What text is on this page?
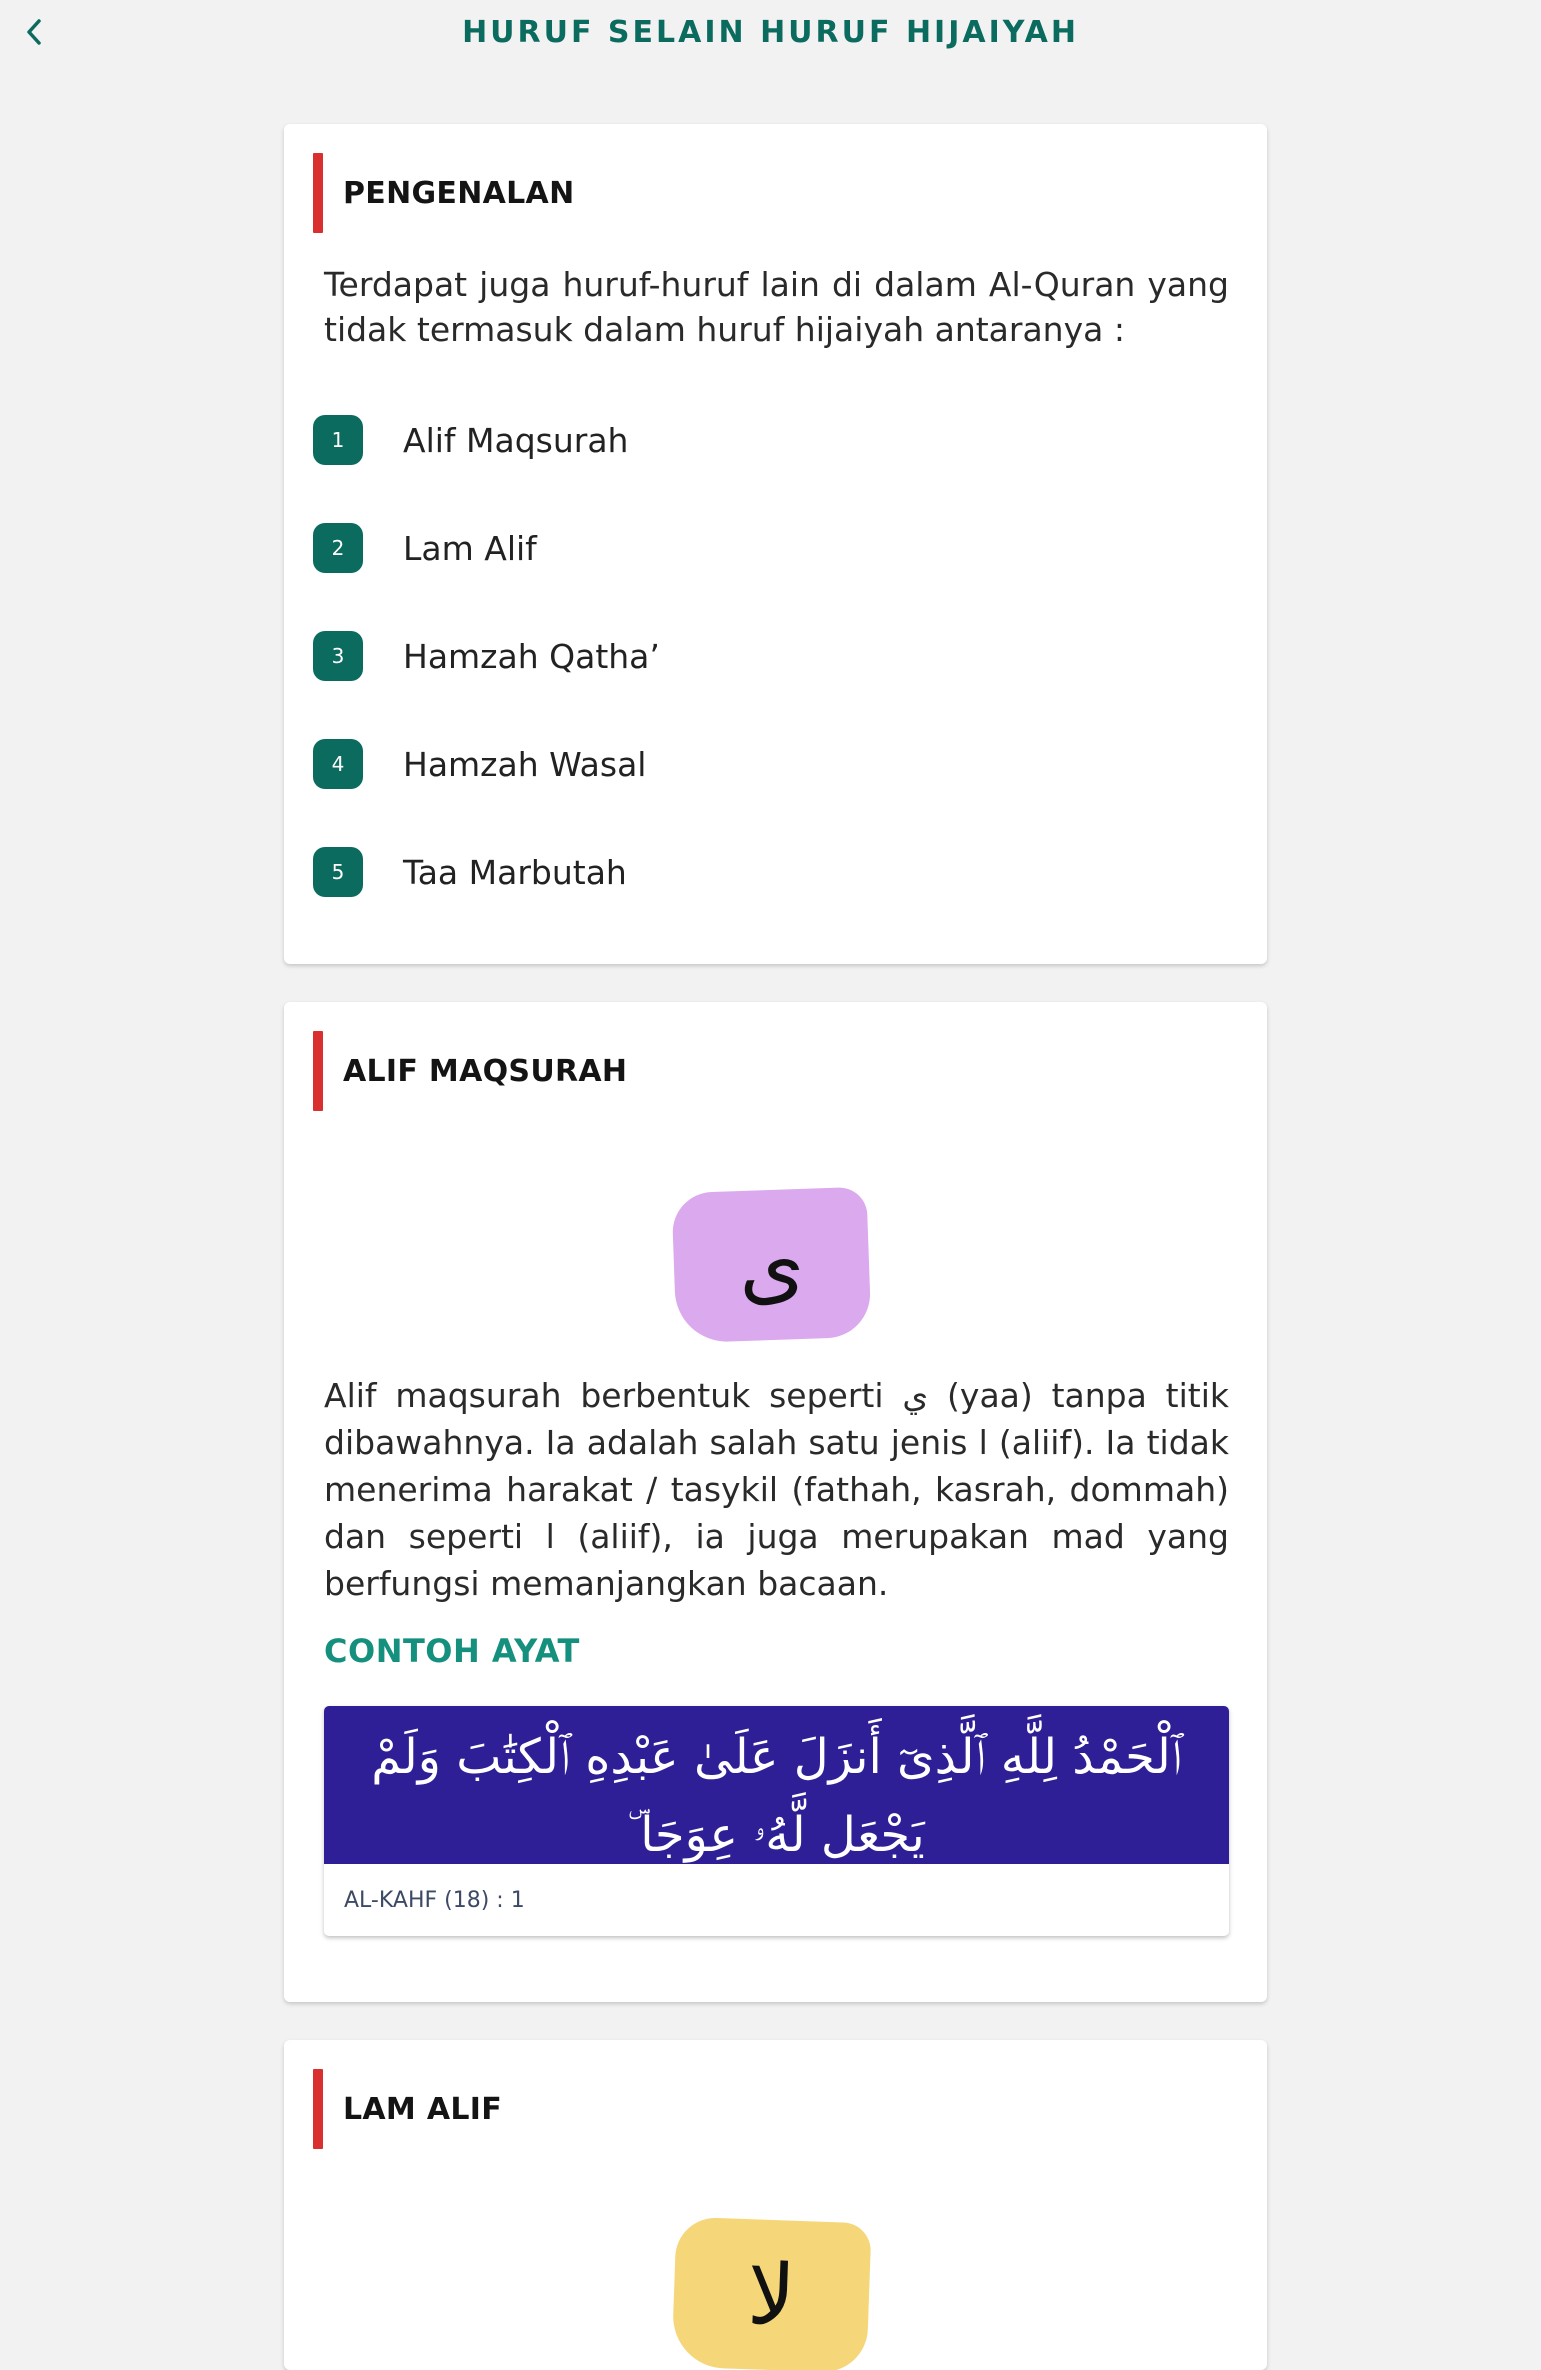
HURUF SELAIN HURUF HIJAIYAH
PENGENALAN
Terdapat juga huruf-huruf lain di dalam Al-Quran yang tidak termasuk dalam huruf hijaiyah antaranya :
1	Alif Maqsurah
2	Lam Alif
3	Hamzah Qatha’
4	Hamzah Wasal
5	Taa Marbutah
ALIF MAQSURAH
ى
Alif maqsurah berbentuk seperti ي (yaa) tanpa titik dibawahnya. Ia adalah salah satu jenis ا (aliif). Ia tidak menerima harakat / tasykil (fathah, kasrah, dommah) dan seperti ا (aliif), ia juga merupakan mad yang berfungsi memanjangkan bacaan.
CONTOH AYAT
ٱلْحَمْدُ لِلَّهِ ٱلَّذِىٓ أَنزَلَ عَلَىٰ عَبْدِهِ ٱلْكِتَٰبَ وَلَمْ يَجْعَل لَّهُۥ عِوَجَا ۜ
AL-KAHF (18) : 1
LAM ALIF
لا
